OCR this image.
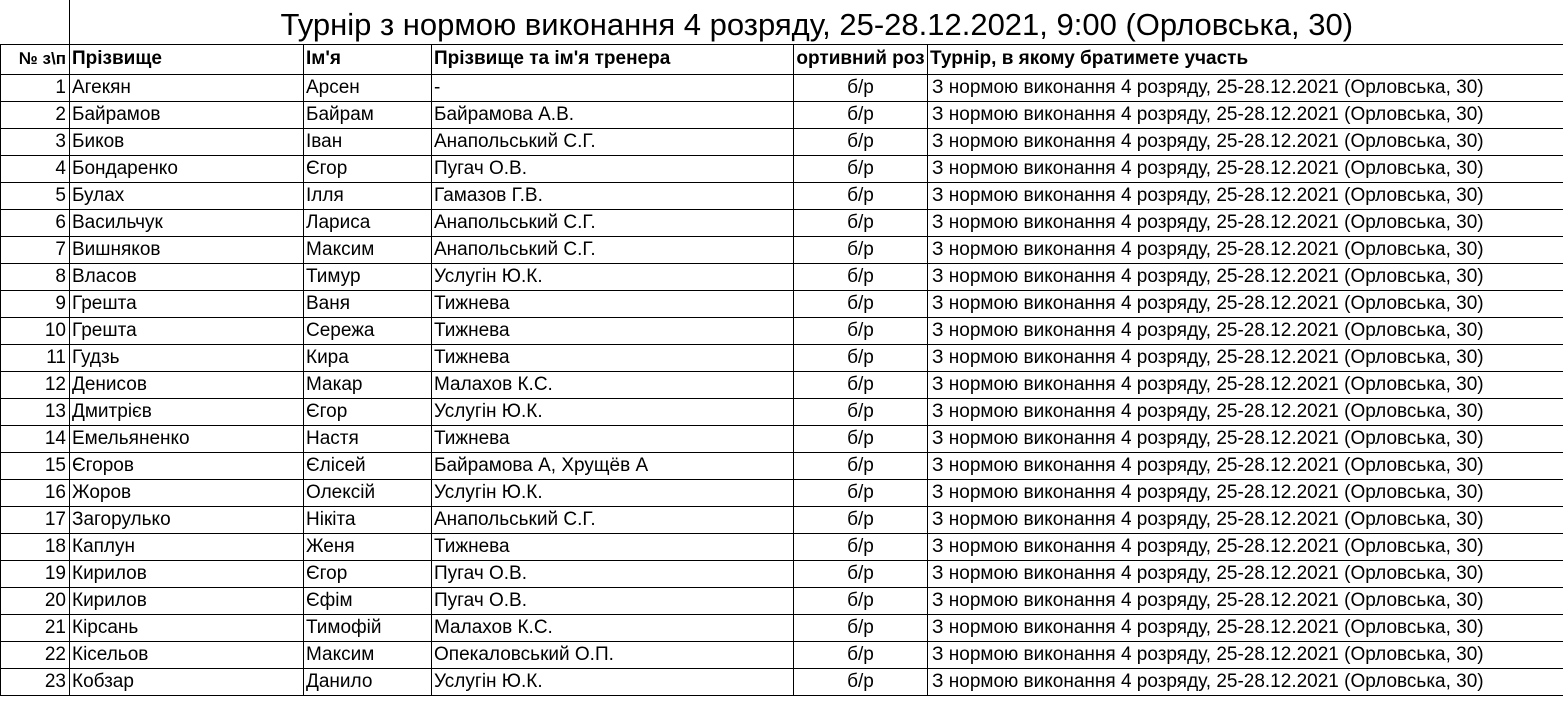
	Турнір з нормою виконання 4 розряду, 25-28.12.2021, 9:00 (Орловська, 30)				
№ з\п	Прізвище	Ім'я	Прізвище та ім'я тренера	ортивний роз	Турнір, в якому братимете участь
1	Агекян	Арсен	-	б/р	З нормою виконання 4 розряду, 25-28.12.2021 (Орловська, 30)
2	Байрамов	Байрам	Байрамова А.В.	б/р	З нормою виконання 4 розряду, 25-28.12.2021 (Орловська, 30)
3	Биков	Іван	Анапольський С.Г.	б/р	З нормою виконання 4 розряду, 25-28.12.2021 (Орловська, 30)
4	Бондаренко	Єгор	Пугач О.В.	б/р	З нормою виконання 4 розряду, 25-28.12.2021 (Орловська, 30)
5	Булах	Ілля	Гамазов Г.В.	б/р	З нормою виконання 4 розряду, 25-28.12.2021 (Орловська, 30)
6	Васильчук	Лариса	Анапольський С.Г.	б/р	З нормою виконання 4 розряду, 25-28.12.2021 (Орловська, 30)
7	Вишняков	Максим	Анапольський С.Г.	б/р	З нормою виконання 4 розряду, 25-28.12.2021 (Орловська, 30)
8	Власов	Тимур	Услугін Ю.К.	б/р	З нормою виконання 4 розряду, 25-28.12.2021 (Орловська, 30)
9	Грешта	Ваня	Тижнева	б/р	З нормою виконання 4 розряду, 25-28.12.2021 (Орловська, 30)
10	Грешта	Сережа	Тижнева	б/р	З нормою виконання 4 розряду, 25-28.12.2021 (Орловська, 30)
11	Гудзь	Кира	Тижнева	б/р	З нормою виконання 4 розряду, 25-28.12.2021 (Орловська, 30)
12	Денисов	Макар	Малахов К.С.	б/р	З нормою виконання 4 розряду, 25-28.12.2021 (Орловська, 30)
13	Дмитрієв	Єгор	Услугін Ю.К.	б/р	З нормою виконання 4 розряду, 25-28.12.2021 (Орловська, 30)
14	Емельяненко	Настя	Тижнева	б/р	З нормою виконання 4 розряду, 25-28.12.2021 (Орловська, 30)
15	Єгоров	Єлісей	Байрамова А, Хрущёв А	б/р	З нормою виконання 4 розряду, 25-28.12.2021 (Орловська, 30)
16	Жоров	Олексій	Услугін Ю.К.	б/р	З нормою виконання 4 розряду, 25-28.12.2021 (Орловська, 30)
17	Загорулько	Нікіта	Анапольський С.Г.	б/р	З нормою виконання 4 розряду, 25-28.12.2021 (Орловська, 30)
18	Каплун	Женя	Тижнева	б/р	З нормою виконання 4 розряду, 25-28.12.2021 (Орловська, 30)
19	Кирилов	Єгор	Пугач О.В.	б/р	З нормою виконання 4 розряду, 25-28.12.2021 (Орловська, 30)
20	Кирилов	Єфім	Пугач О.В.	б/р	З нормою виконання 4 розряду, 25-28.12.2021 (Орловська, 30)
21	Кірсань	Тимофій	Малахов К.С.	б/р	З нормою виконання 4 розряду, 25-28.12.2021 (Орловська, 30)
22	Кісельов	Максим	Опекаловський О.П.	б/р	З нормою виконання 4 розряду, 25-28.12.2021 (Орловська, 30)
23	Кобзар	Данило	Услугін Ю.К.	б/р	З нормою виконання 4 розряду, 25-28.12.2021 (Орловська, 30)
